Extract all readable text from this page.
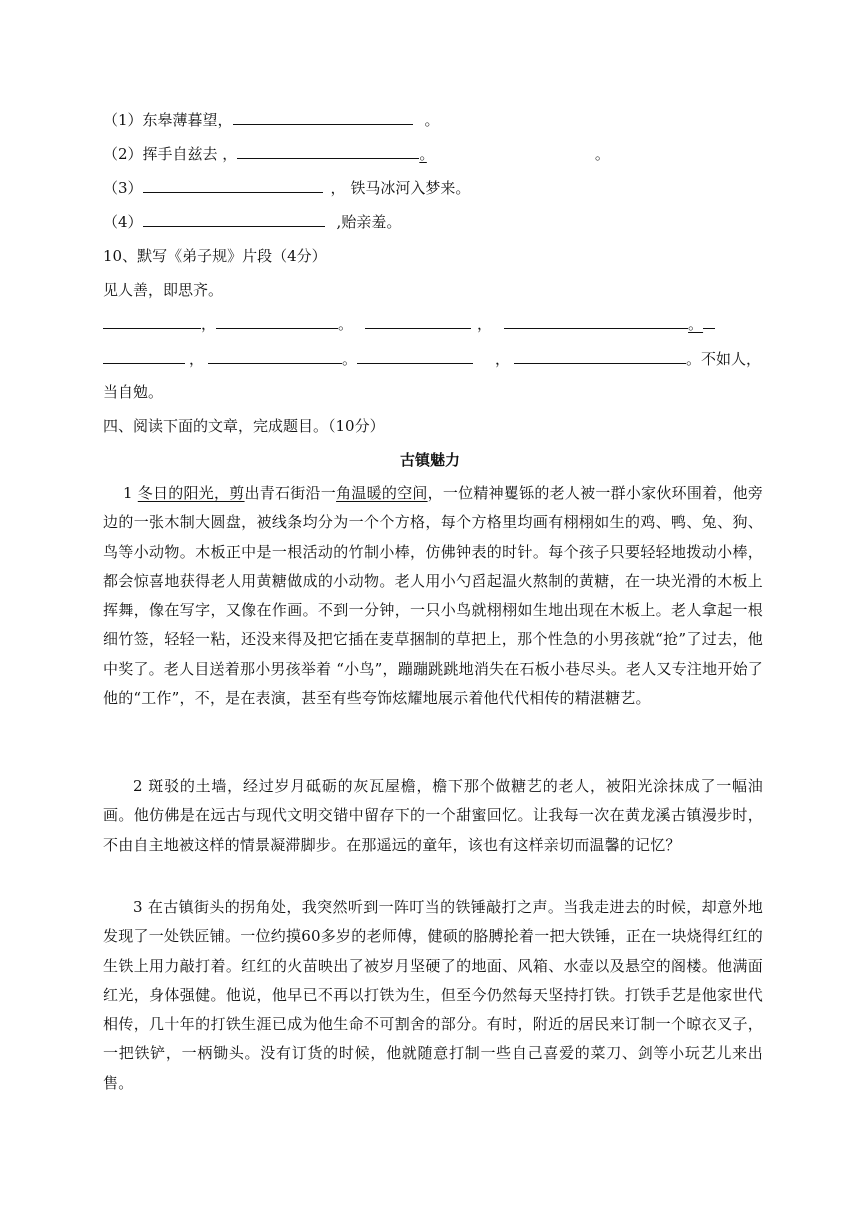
（1）东皋薄暮望，	。
（2）挥手自兹去 ，	。	。
（3）	， 铁马冰河入梦来。
（4）	,贻亲羞。
10、默写《弟子规》片段（4分）
见人善，即思齐。
，	。	，	。
，	。	，	。不如人，
当自勉。
四、阅读下面的文章，完成题目。（10分）
古镇魅力
1 冬日的阳光，剪出青石街沿一角温暖的空间，一位精神矍铄的老人被一群小家伙环围着，他旁边的一张木制大圆盘，被线条均分为一个个方格，每个方格里均画有栩栩如生的鸡、鸭、兔、狗、鸟等小动物。木板正中是一根活动的竹制小棒，仿佛钟表的时针。每个孩子只要轻轻地拨动小棒，都会惊喜地获得老人用黄糖做成的小动物。老人用小勺舀起温火熬制的黄糖，在一块光滑的木板上挥舞，像在写字，又像在作画。不到一分钟，一只小鸟就栩栩如生地出现在木板上。老人拿起一根细竹签，轻轻一粘，还没来得及把它插在麦草捆制的草把上，那个性急的小男孩就“抢”了过去，他中奖了。老人目送着那小男孩举着 “小鸟”，蹦蹦跳跳地消失在石板小巷尽头。老人又专注地开始了他的“工作”，不，是在表演，甚至有些夸饰炫耀地展示着他代代相传的精湛糖艺。
2 斑驳的土墙，经过岁月砥砺的灰瓦屋檐，檐下那个做糖艺的老人，被阳光涂抹成了一幅油画。他仿佛是在远古与现代文明交错中留存下的一个甜蜜回忆。让我每一次在黄龙溪古镇漫步时，不由自主地被这样的情景凝滞脚步。在那遥远的童年，该也有这样亲切而温馨的记忆？
3 在古镇街头的拐角处，我突然听到一阵叮当的铁锤敲打之声。当我走进去的时候，却意外地发现了一处铁匠铺。一位约摸60多岁的老师傅，健硕的胳膊抡着一把大铁锤，正在一块烧得红红的生铁上用力敲打着。红红的火苗映出了被岁月坚硬了的地面、风箱、水壶以及悬空的阁楼。他满面红光，身体强健。他说，他早已不再以打铁为生，但至今仍然每天坚持打铁。打铁手艺是他家世代相传，几十年的打铁生涯已成为他生命不可割舍的部分。有时，附近的居民来订制一个晾衣叉子，一把铁铲，一柄锄头。没有订货的时候，他就随意打制一些自己喜爱的菜刀、剑等小玩艺儿来出售。
